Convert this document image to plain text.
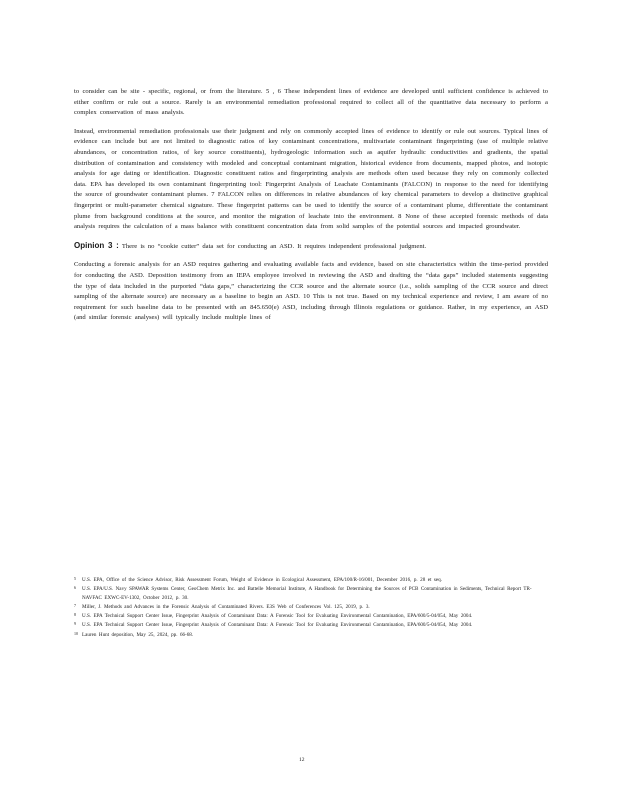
to consider can be site - specific, regional, or from the literature. 5 , 6 These independent lines of evidence are developed until sufficient confidence is achieved to either confirm or rule out a source. Rarely is an environmental remediation professional required to collect all of the quantitative data necessary to perform a complex conservation of mass analysis.

Instead, environmental remediation professionals use their judgment and rely on commonly accepted lines of evidence to identify or rule out sources. Typical lines of evidence can include but are not limited to diagnostic ratios of key contaminant concentrations, multivariate contaminant fingerprinting (use of multiple relative abundances, or concentration ratios, of key source constituents), hydrogeologic information such as aquifer hydraulic conductivities and gradients, the spatial distribution of contamination and consistency with modeled and conceptual contaminant migration, historical evidence from documents, mapped photos, and isotopic analysis for age dating or identification. Diagnostic constituent ratios and fingerprinting analysis are methods often used because they rely on commonly collected data. EPA has developed its own contaminant fingerprinting tool: Fingerprint Analysis of Leachate Contaminants (FALCON) in response to the need for identifying the source of groundwater contaminant plumes. 7 FALCON relies on differences in relative abundances of key chemical parameters to develop a distinctive graphical fingerprint or multi-parameter chemical signature. These fingerprint patterns can be used to identify the source of a contaminant plume, differentiate the contaminant plume from background conditions at the source, and monitor the migration of leachate into the environment. 8 None of these accepted forensic methods of data analysis requires the calculation of a mass balance with constituent concentration data from solid samples of the potential sources and impacted groundwater.

Opinion 3 : There is no “cookie cutter” data set for conducting an ASD. It requires independent professional judgment.

Conducting a forensic analysis for an ASD requires gathering and evaluating available facts and evidence, based on site characteristics within the time-period provided for conducting the ASD. Deposition testimony from an IEPA employee involved in reviewing the ASD and drafting the “data gaps” included statements suggesting the type of data included in the purported “data gaps,” characterizing the CCR source and the alternate source (i.e., solids sampling of the CCR source and direct sampling of the alternate source) are necessary as a baseline to begin an ASD. 10 This is not true. Based on my technical experience and review, I am aware of no requirement for such baseline data to be presented with an 845.650(e) ASD, including through Illinois regulations or guidance. Rather, in my experience, an ASD (and similar forensic analyses) will typically include multiple lines of

5 U.S. EPA, Office of the Science Advisor, Risk Assessment Forum, Weight of Evidence in Ecological Assessment, EPA/100/R-16/001, December 2016, p. 28 et seq.

6 U.S. EPA/U.S. Navy SPAWAR Systems Center, GeoChem Metrix Inc. and Battelle Memorial Institute, A Handbook for Determining the Sources of PCB Contamination in Sediments, Technical Report TR-NAVFAC EXWC-EV-1302, October 2012, p. 30.

7 Miller, J. Methods and Advances in the Forensic Analysis of Contaminated Rivers. E3S Web of Conferences Vol. 125, 2019, p. 3.

8 U.S. EPA Technical Support Center Issue, Fingerprint Analysis of Contaminant Data: A Forensic Tool for Evaluating Environmental Contamination, EPA/600/5-04/054, May 2004.

9 U.S. EPA Technical Support Center Issue, Fingerprint Analysis of Contaminant Data: A Forensic Tool for Evaluating Environmental Contamination, EPA/600/5-04/054, May 2004.

10 Lauren Hunt deposition, May 25, 2024, pp. 66-68.

12
